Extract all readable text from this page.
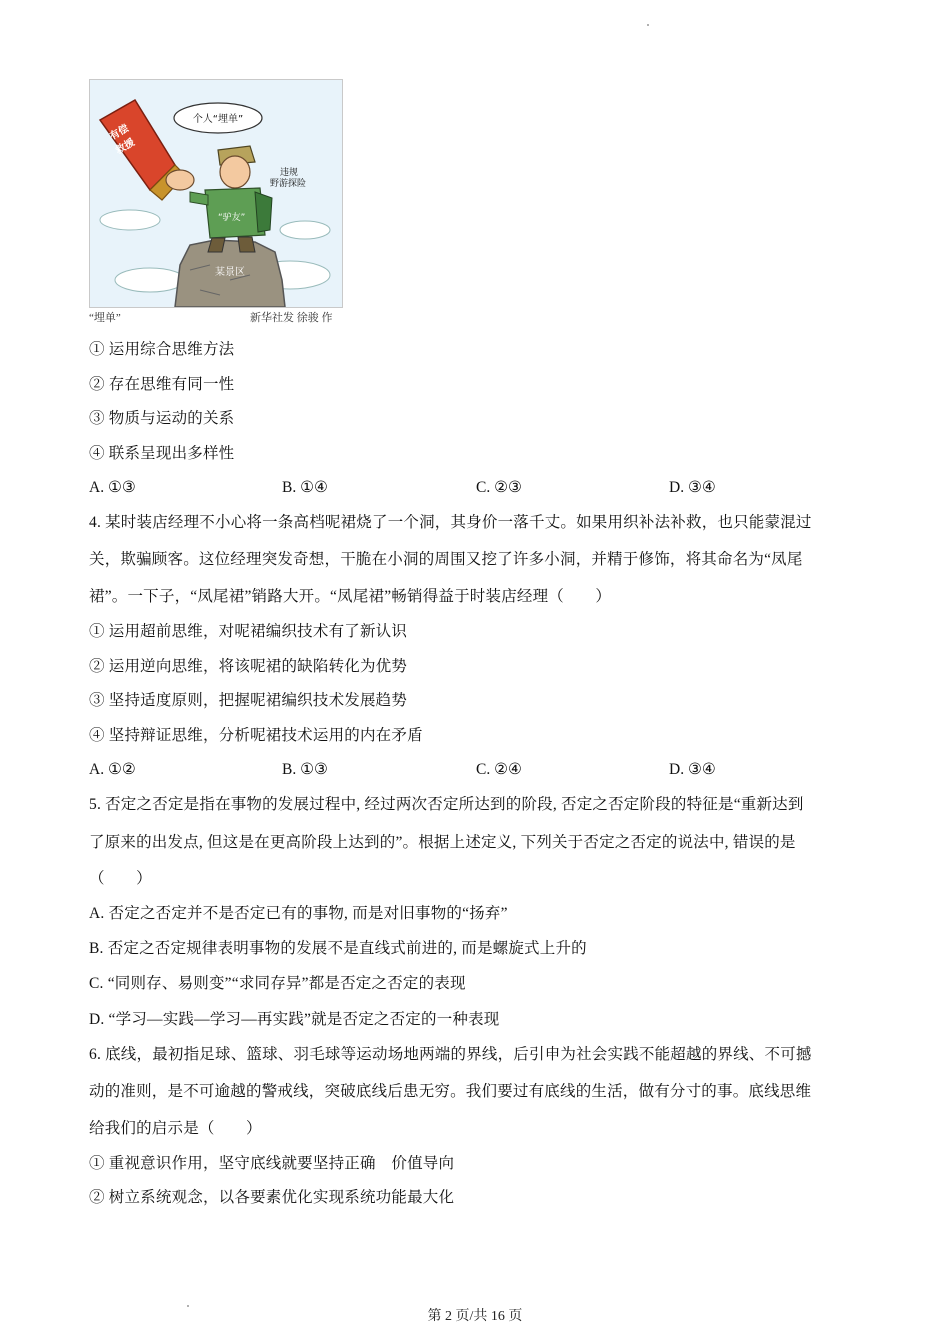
有偿
救援
个人“埋单”
违规
野游探险
“驴友”
某景区
“埋单”	新华社发 徐骏 作
① 运用综合思维方法
② 存在思维有同一性
③ 物质与运动的关系
④ 联系呈现出多样性
A. ①③	B. ①④	C. ②③	D. ③④
4. 某时装店经理不小心将一条高档呢裙烧了一个洞，其身价一落千丈。如果用织补法补救，也只能蒙混过
关，欺骗顾客。这位经理突发奇想，干脆在小洞的周围又挖了许多小洞，并精于修饰，将其命名为“凤尾
裙”。一下子，“凤尾裙”销路大开。“凤尾裙”畅销得益于时装店经理（　　）
① 运用超前思维，对呢裙编织技术有了新认识
② 运用逆向思维，将该呢裙的缺陷转化为优势
③ 坚持适度原则，把握呢裙编织技术发展趋势
④ 坚持辩证思维，分析呢裙技术运用的内在矛盾
A. ①②	B. ①③	C. ②④	D. ③④
5. 否定之否定是指在事物的发展过程中, 经过两次否定所达到的阶段, 否定之否定阶段的特征是“重新达到
了原来的出发点, 但这是在更高阶段上达到的”。根据上述定义, 下列关于否定之否定的说法中, 错误的是
（　　）
A. 否定之否定并不是否定已有的事物, 而是对旧事物的“扬弃”
B. 否定之否定规律表明事物的发展不是直线式前进的, 而是螺旋式上升的
C. “同则存、易则变”“求同存异”都是否定之否定的表现
D. “学习—实践—学习—再实践”就是否定之否定的一种表现
6. 底线，最初指足球、篮球、羽毛球等运动场地两端的界线，后引申为社会实践不能超越的界线、不可撼
动的准则，是不可逾越的警戒线，突破底线后患无穷。我们要过有底线的生活，做有分寸的事。底线思维
给我们的启示是（　　）
① 重视意识作用，坚守底线就要坚持正确　价值导向
② 树立系统观念，以各要素优化实现系统功能最大化
第 2 页/共 16 页
